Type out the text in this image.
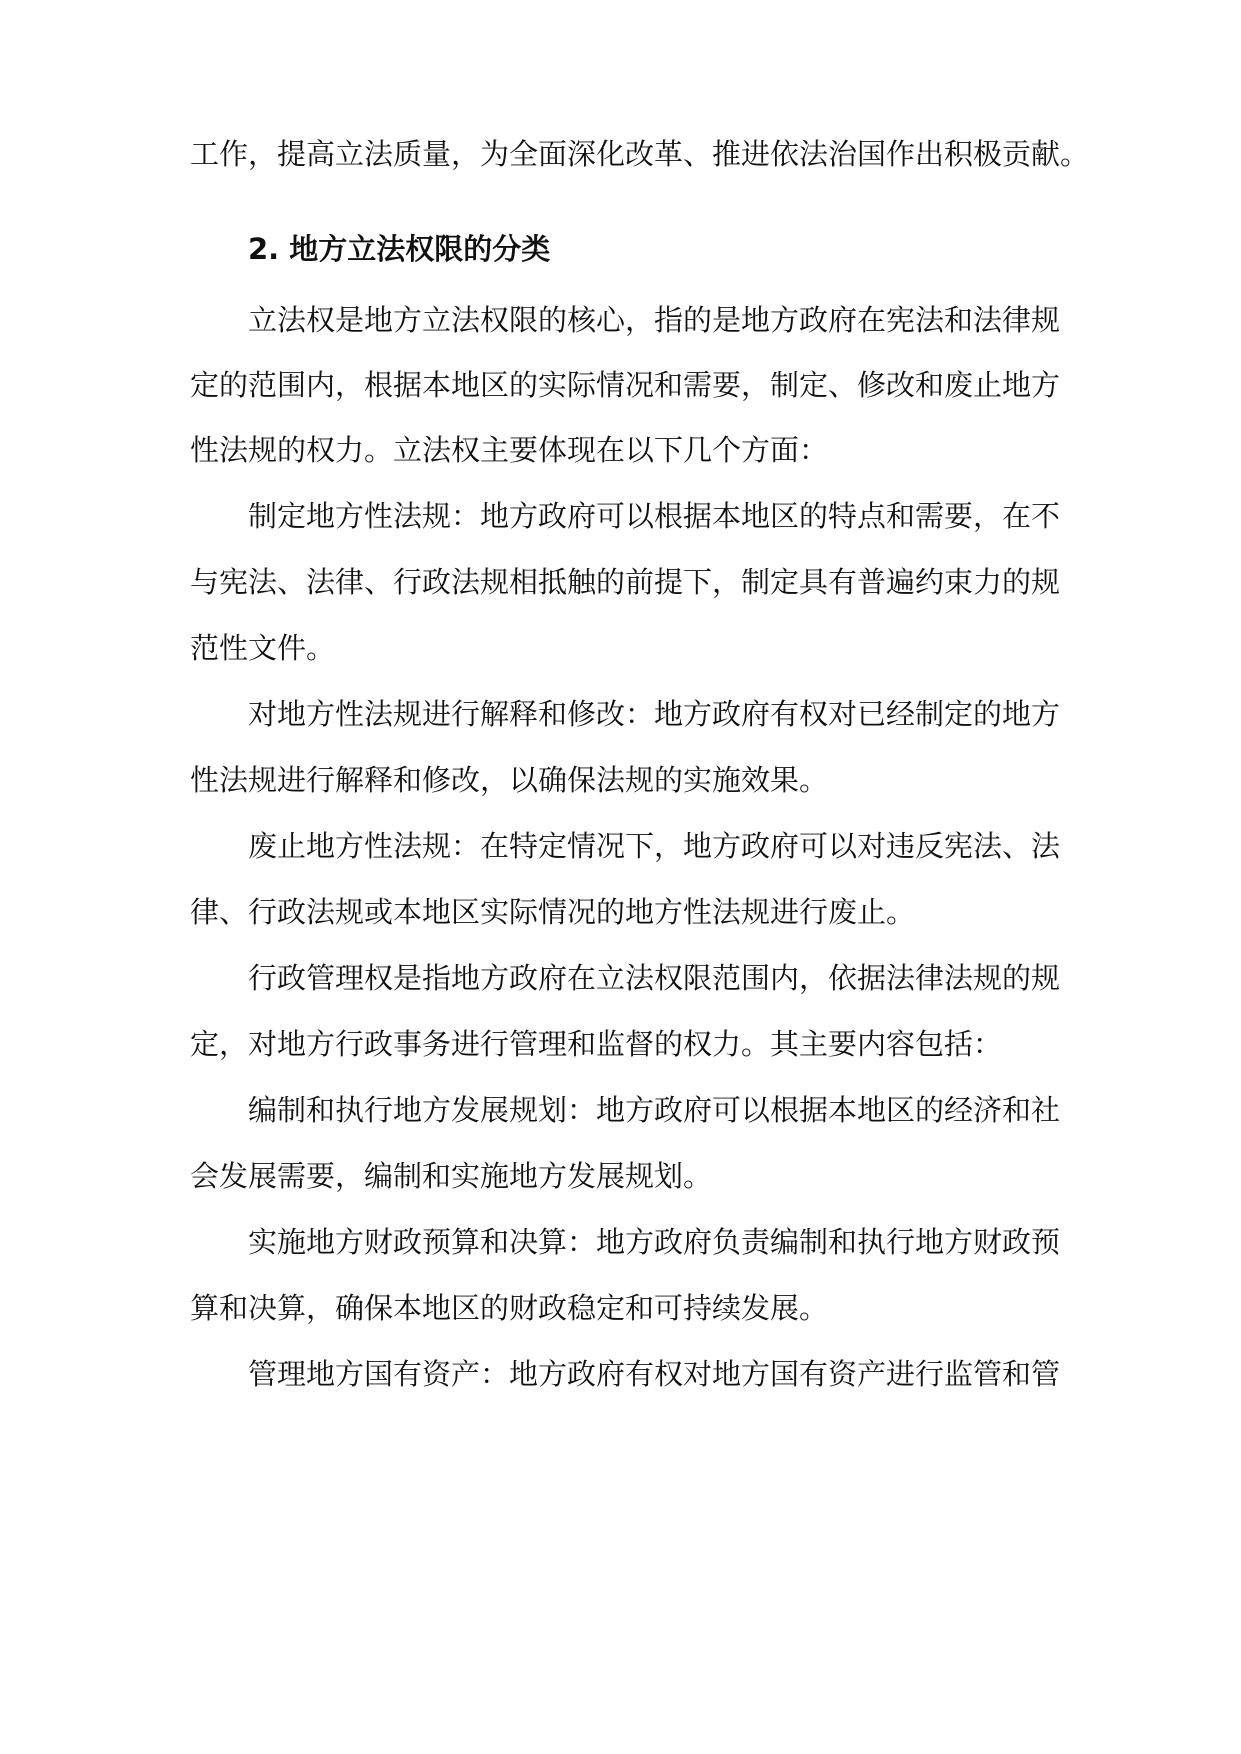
工作，提高立法质量，为全面深化改革、推进依法治国作出积极贡献。
2. 地方立法权限的分类
立法权是地方立法权限的核心，指的是地方政府在宪法和法律规
定的范围内，根据本地区的实际情况和需要，制定、修改和废止地方
性法规的权力。立法权主要体现在以下几个方面：
制定地方性法规：地方政府可以根据本地区的特点和需要，在不
与宪法、法律、行政法规相抵触的前提下，制定具有普遍约束力的规
范性文件。
对地方性法规进行解释和修改：地方政府有权对已经制定的地方
性法规进行解释和修改，以确保法规的实施效果。
废止地方性法规：在特定情况下，地方政府可以对违反宪法、法
律、行政法规或本地区实际情况的地方性法规进行废止。
行政管理权是指地方政府在立法权限范围内，依据法律法规的规
定，对地方行政事务进行管理和监督的权力。其主要内容包括：
编制和执行地方发展规划：地方政府可以根据本地区的经济和社
会发展需要，编制和实施地方发展规划。
实施地方财政预算和决算：地方政府负责编制和执行地方财政预
算和决算，确保本地区的财政稳定和可持续发展。
管理地方国有资产：地方政府有权对地方国有资产进行监管和管
